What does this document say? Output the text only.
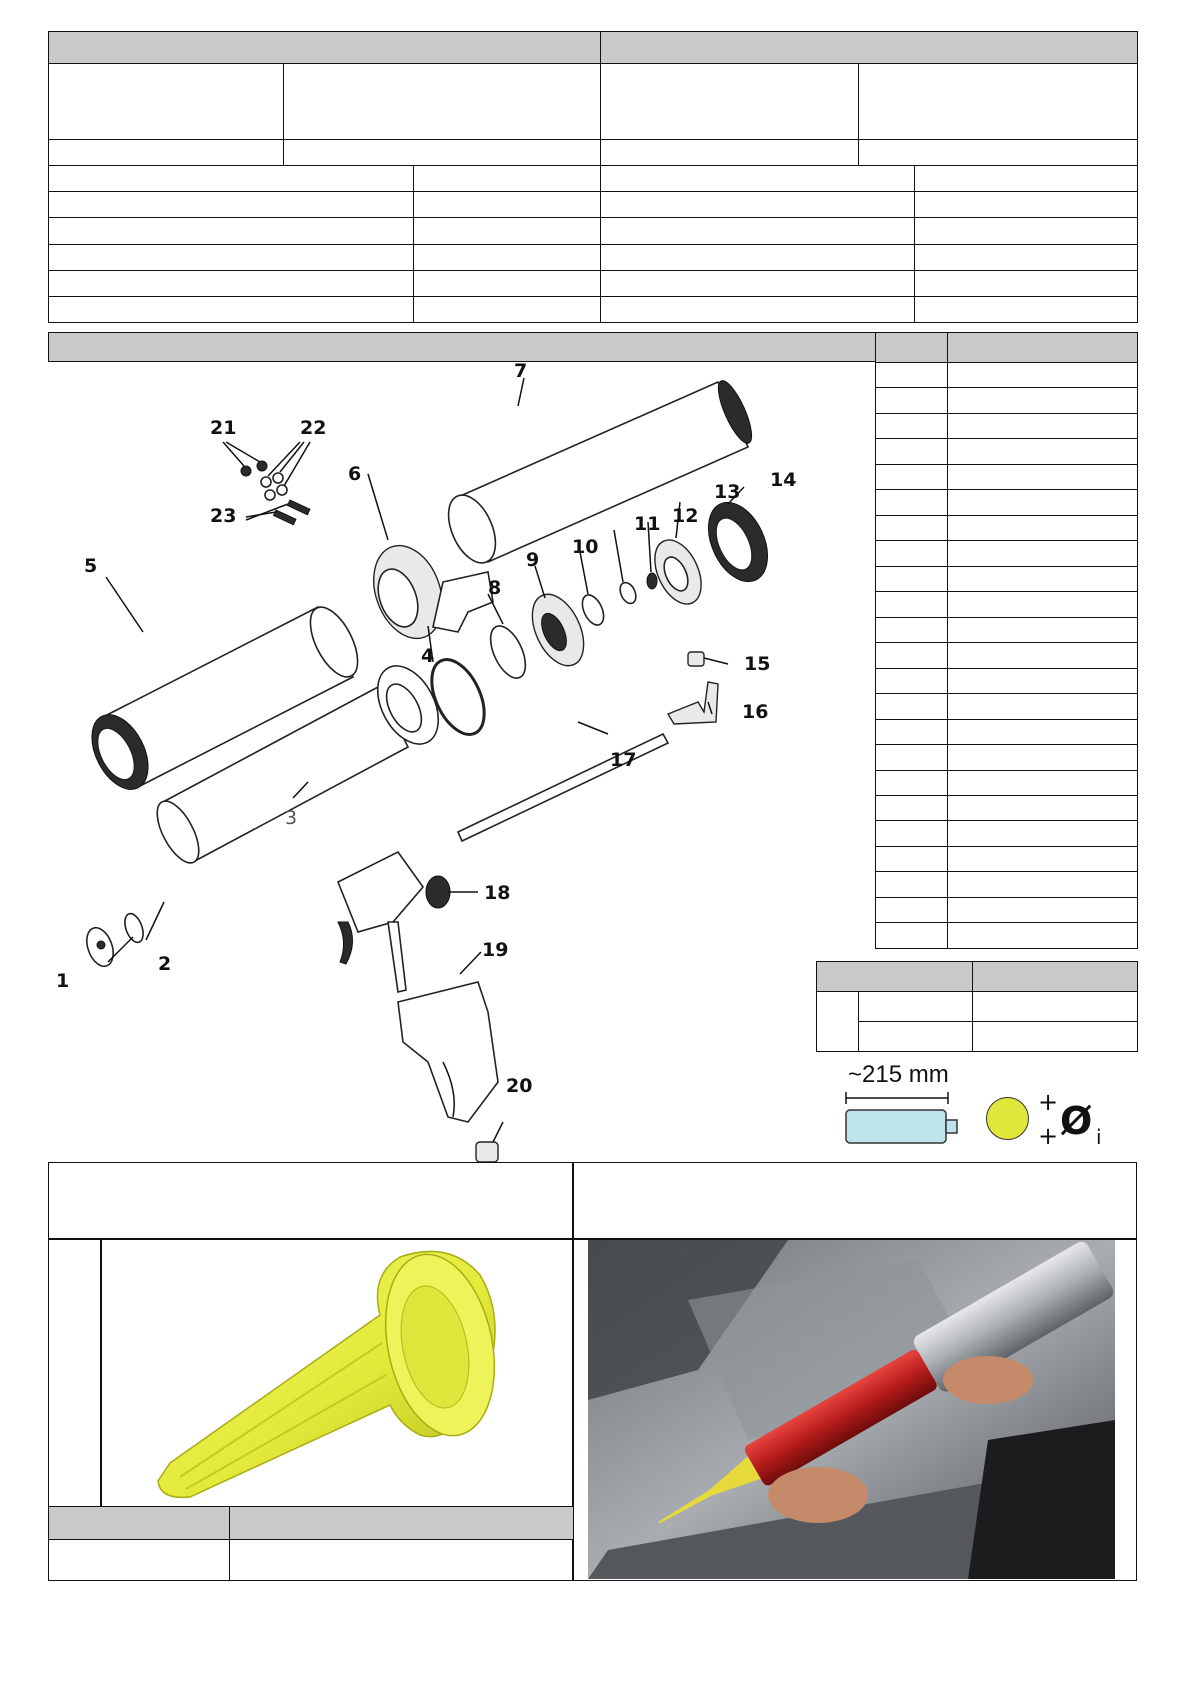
~215 mm
+
+ Ø i
1
2
3
4
5
6
7
8
9
10
11 12
13
14
15
16
17
18
19
20
21	22
23
